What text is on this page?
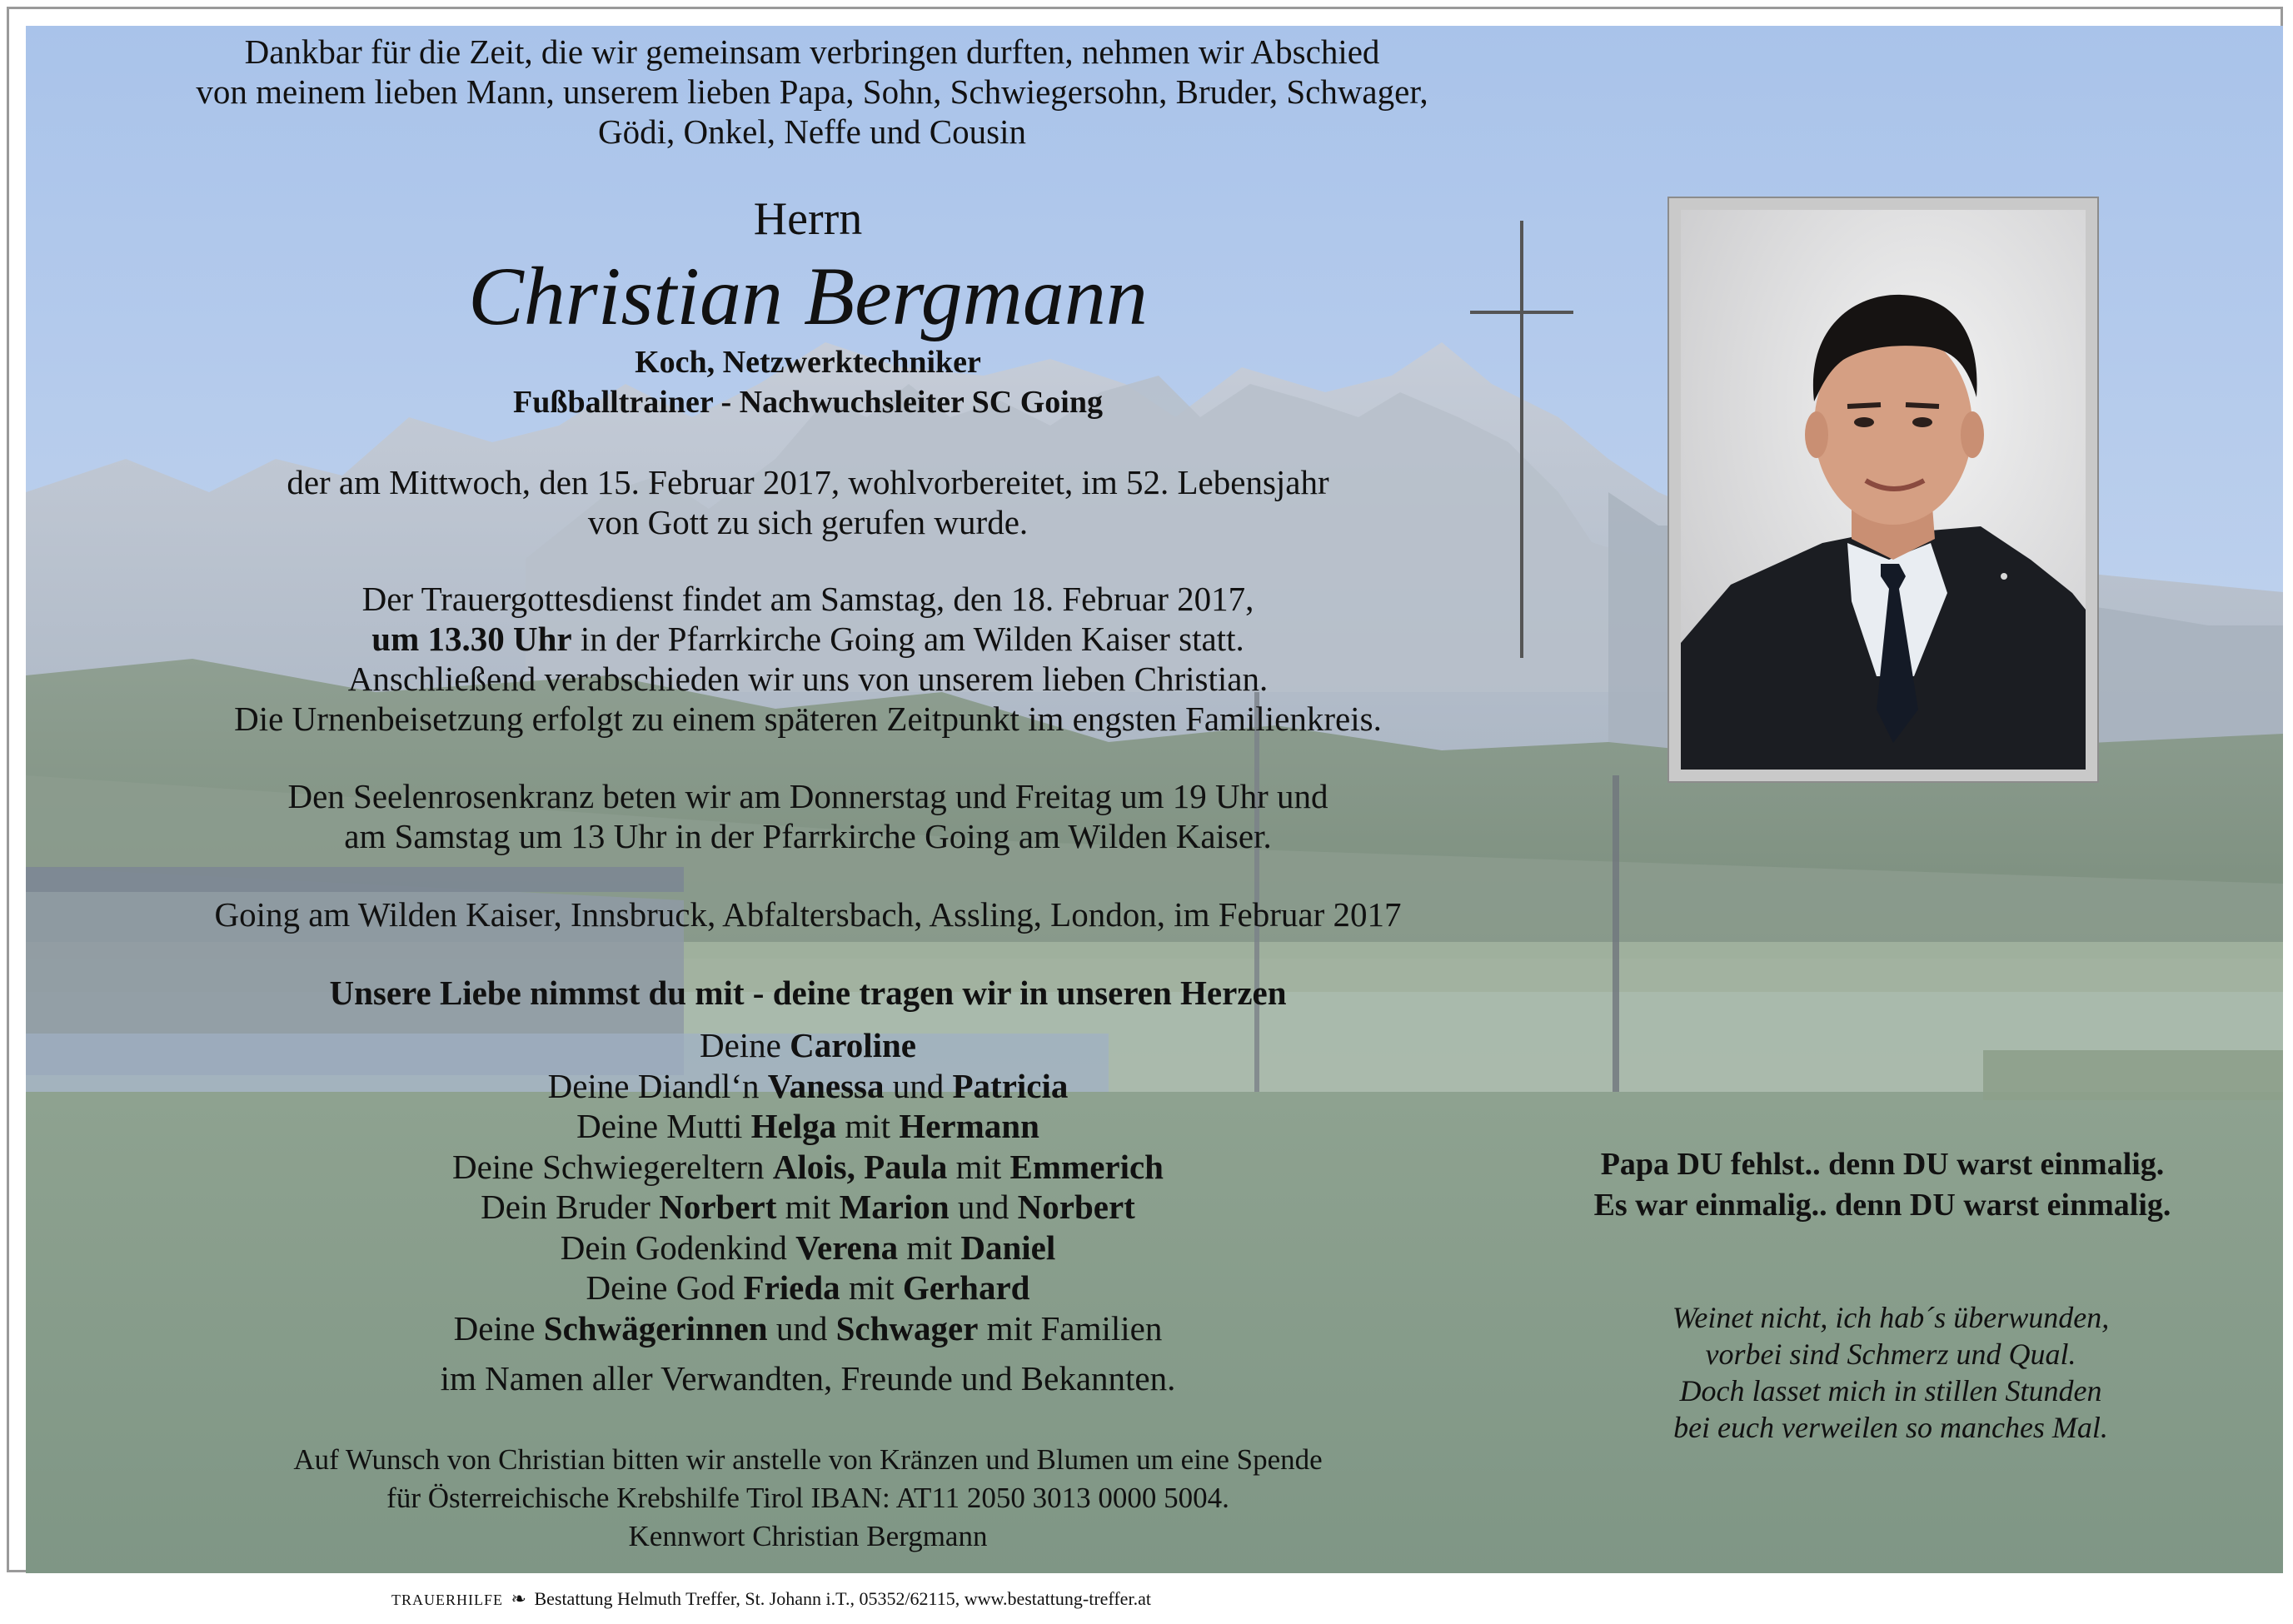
Dankbar für die Zeit, die wir gemeinsam verbringen durften, nehmen wir Abschied
von meinem lieben Mann, unserem lieben Papa, Sohn, Schwiegersohn, Bruder, Schwager,
Gödi, Onkel, Neffe und Cousin
Herrn
Christian Bergmann
Koch, Netzwerktechniker
Fußballtrainer - Nachwuchsleiter SC Going
der am Mittwoch, den 15. Februar 2017, wohlvorbereitet, im 52. Lebensjahr
von Gott zu sich gerufen wurde.
Der Trauergottesdienst findet am Samstag, den 18. Februar 2017,
um 13.30 Uhr in der Pfarrkirche Going am Wilden Kaiser statt.
Anschließend verabschieden wir uns von unserem lieben Christian.
Die Urnenbeisetzung erfolgt zu einem späteren Zeitpunkt im engsten Familienkreis.
Den Seelenrosenkranz beten wir am Donnerstag und Freitag um 19 Uhr und
am Samstag um 13 Uhr in der Pfarrkirche Going am Wilden Kaiser.
Going am Wilden Kaiser, Innsbruck, Abfaltersbach, Assling, London, im Februar 2017
Unsere Liebe nimmst du mit - deine tragen wir in unseren Herzen
Deine Caroline
Deine Diandl‘n Vanessa und Patricia
Deine Mutti Helga mit Hermann
Deine Schwiegereltern Alois, Paula mit Emmerich
Dein Bruder Norbert mit Marion und Norbert
Dein Godenkind Verena mit Daniel
Deine God Frieda mit Gerhard
Deine Schwägerinnen und Schwager mit Familien
im Namen aller Verwandten, Freunde und Bekannten.
Auf Wunsch von Christian bitten wir anstelle von Kränzen und Blumen um eine Spende
für Österreichische Krebshilfe Tirol IBAN: AT11 2050 3013 0000 5004.
Kennwort Christian Bergmann
Papa DU fehlst.. denn DU warst einmalig.
Es war einmalig.. denn DU warst einmalig.
Weinet nicht, ich hab´s überwunden,
vorbei sind Schmerz und Qual.
Doch lasset mich in stillen Stunden
bei euch verweilen so manches Mal.
TRAUERHILFE ❧ Bestattung Helmuth Treffer, St. Johann i.T., 05352/62115, www.bestattung-treffer.at
